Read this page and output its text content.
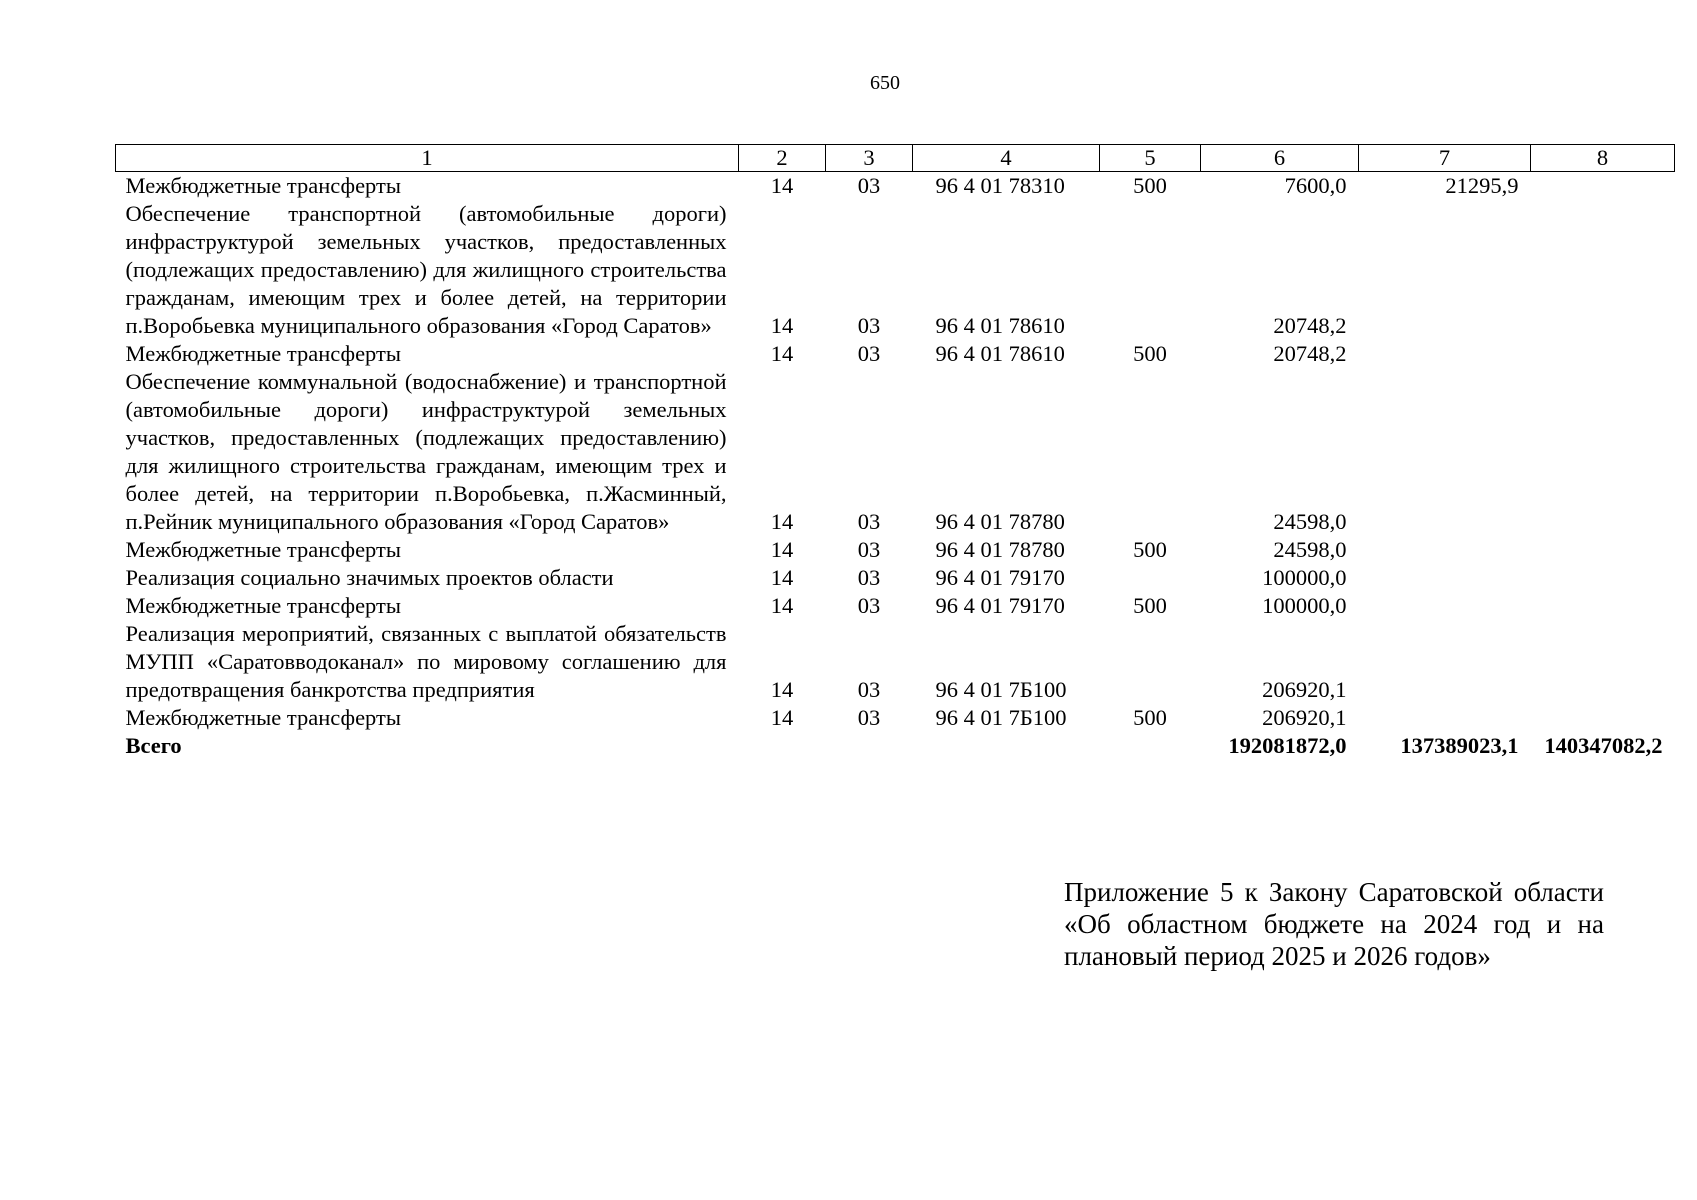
650
1	2	3	4	5	6	7	8
Межбюджетные трансферты	14	03	96 4 01 78310	500	7600,0	21295,9	
Обеспечение транспортной (автомобильные дороги) инфраструктурой земельных участков, предоставленных (подлежащих предоставлению) для жилищного строительства гражданам, имеющим трех и более детей, на территории п.Воробьевка муниципального образования «Город Саратов»	14	03	96 4 01 78610		20748,2		
Межбюджетные трансферты	14	03	96 4 01 78610	500	20748,2		
Обеспечение коммунальной (водоснабжение) и транспортной (автомобильные дороги) инфраструктурой земельных участков, предоставленных (подлежащих предоставлению) для жилищного строительства гражданам, имеющим трех и более детей, на территории п.Воробьевка, п.Жасминный, п.Рейник муниципального образования «Город Саратов»	14	03	96 4 01 78780		24598,0		
Межбюджетные трансферты	14	03	96 4 01 78780	500	24598,0		
Реализация социально значимых проектов области	14	03	96 4 01 79170		100000,0		
Межбюджетные трансферты	14	03	96 4 01 79170	500	100000,0		
Реализация мероприятий, связанных с выплатой обязательств МУПП «Саратовводоканал» по мировому соглашению для предотвращения банкротства предприятия	14	03	96 4 01 7Б100		206920,1		
Межбюджетные трансферты	14	03	96 4 01 7Б100	500	206920,1		
Всего					192081872,0	137389023,1	140347082,2
Приложение 5 к Закону Саратовской области «Об областном бюджете на 2024 год и на плановый период 2025 и 2026 годов»
